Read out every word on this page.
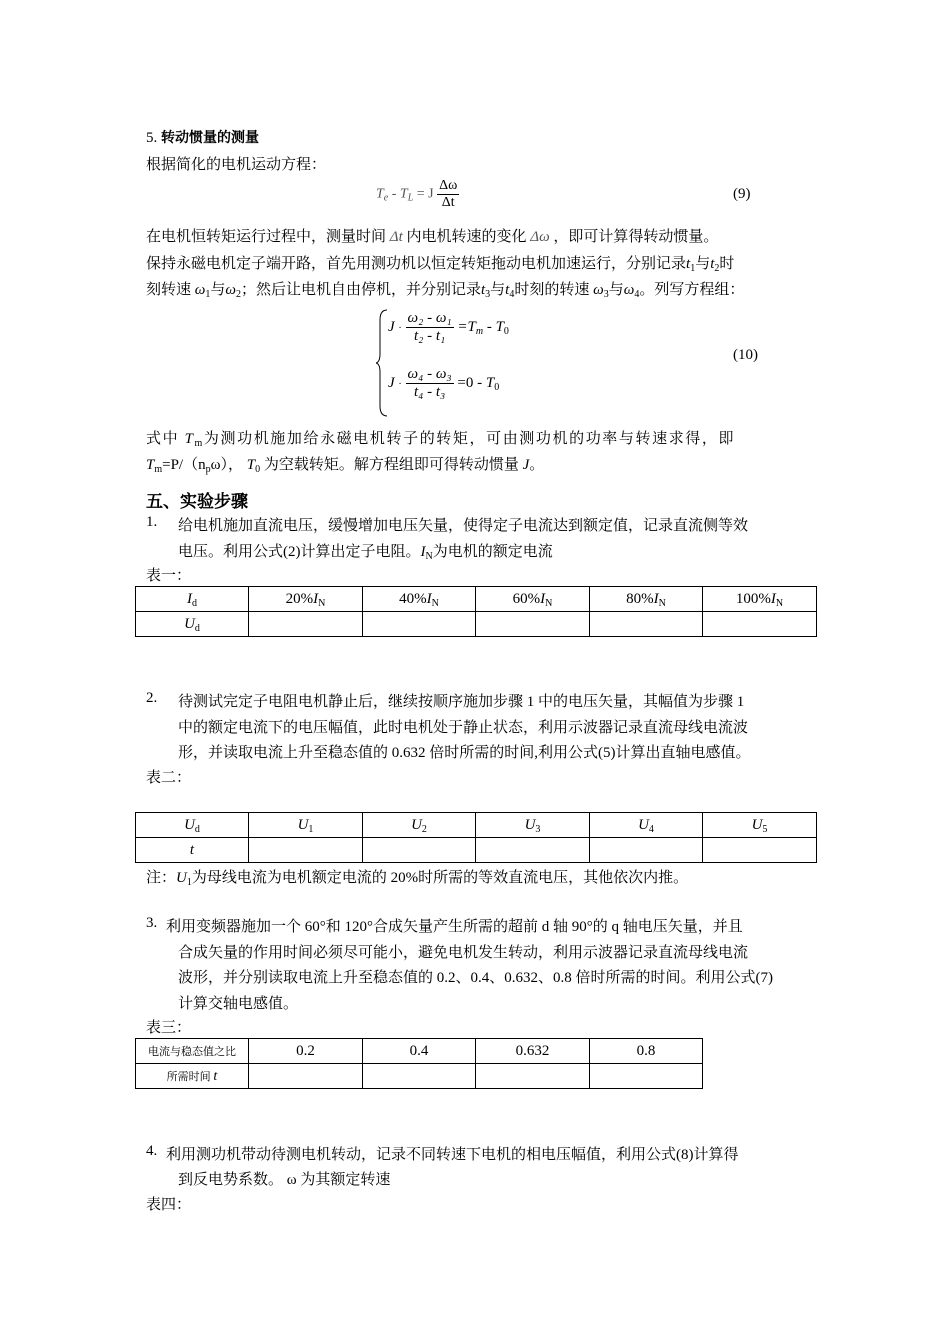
5. 转动惯量的测量
根据简化的电机运动方程：
$T_e - T_L = J \frac{\Delta\omega}{\Delta t}$	(9)
在电机恒转矩运行过程中，测量时间 Δt 内电机转速的变化 Δω ，即可计算得转动惯量。
保持永磁电机定子端开路，首先用测功机以恒定转矩拖动电机加速运行，分别记录$t_1$与$t_2$时
刻转速 $\omega_1$与$\omega_2$；然后让电机自由停机，并分别记录$t_3$与$t_4$时刻的转速 $\omega_3$与$\omega_4$。列写方程组：
$J \cdot \frac{\text{ω₂ - ω₁}}{\text{t₂ - t₁}} =T_m - T_0$
$J \cdot \frac{\text{ω₄ - ω₃}}{\text{t₄ - t₃}} =0 - T_0$
(10)
式中 $T_m$为测功机施加给永磁电机转子的转矩，可由测功机的功率与转速求得，即
$T_m=P/(n_p\omega)$， $T_0$ 为空载转矩。解方程组即可得转动惯量 J。
五、实验步骤
1. 给电机施加直流电压，缓慢增加电压矢量，使得定子电流达到额定值，记录直流侧等效
电压。利用公式(2)计算出定子电阻。$I_N$为电机的额定电流
表一：
$I_d$	$20\%I_N$	$40\%I_N$	$60\%I_N$	$80\%I_N$	$100\%I_N$
$U_d$					
2. 待测试完定子电阻电机静止后，继续按顺序施加步骤 1 中的电压矢量，其幅值为步骤 1
中的额定电流下的电压幅值，此时电机处于静止状态，利用示波器记录直流母线电流波
形，并读取电流上升至稳态值的 0.632 倍时所需的时间,利用公式(5)计算出直轴电感值。
表二：
$U_d$	$U_1$	$U_2$	$U_3$	$U_4$	$U_5$
t					
注：$U_1$为母线电流为电机额定电流的 20%时所需的等效直流电压，其他依次内推。
3. 利用变频器施加一个 60°和 120°合成矢量产生所需的超前 d 轴 90°的 q 轴电压矢量，并且
合成矢量的作用时间必须尽可能小，避免电机发生转动，利用示波器记录直流母线电流
波形，并分别读取电流上升至稳态值的 0.2、0.4、0.632、0.8 倍时所需的时间。利用公式(7)
计算交轴电感值。
表三：
电流与稳态值之比	0.2	0.4	0.632	0.8
所需时间 t				
4. 利用测功机带动待测电机转动，记录不同转速下电机的相电压幅值，利用公式(8)计算得
到反电势系数。 ω 为其额定转速
表四：
